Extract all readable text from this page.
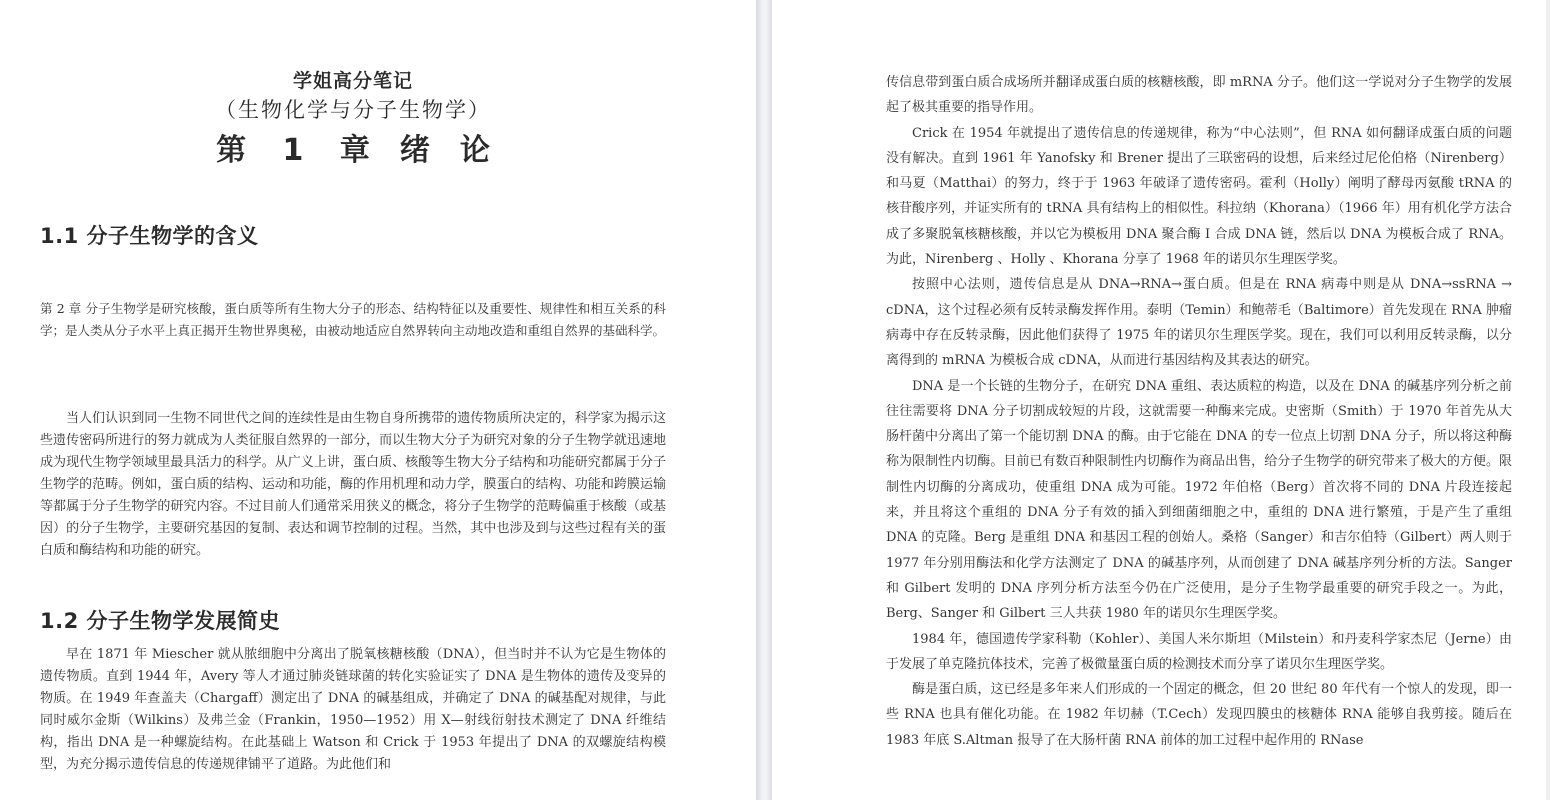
学姐高分笔记
（生物化学与分子生物学）
第 1 章　绪　论
1.1 分子生物学的含义

第 2 章 分子生物学是研究核酸，蛋白质等所有生物大分子的形态、结构特征以及重要性、规律性和相互关系的科学；是人类从分子水平上真正揭开生物世界奥秘，由被动地适应自然界转向主动地改造和重组自然界的基础科学。

当人们认识到同一生物不同世代之间的连续性是由生物自身所携带的遗传物质所决定的，科学家为揭示这些遗传密码所进行的努力就成为人类征服自然界的一部分，而以生物大分子为研究对象的分子生物学就迅速地成为现代生物学领域里最具活力的科学。从广义上讲，蛋白质、核酸等生物大分子结构和功能研究都属于分子生物学的范畴。例如，蛋白质的结构、运动和功能，酶的作用机理和动力学，膜蛋白的结构、功能和跨膜运输等都属于分子生物学的研究内容。不过目前人们通常采用狭义的概念，将分子生物学的范畴偏重于核酸（或基因）的分子生物学，主要研究基因的复制、表达和调节控制的过程。当然，其中也涉及到与这些过程有关的蛋白质和酶结构和功能的研究。

1.2 分子生物学发展简史

早在 1871 年 Miescher 就从脓细胞中分离出了脱氧核糖核酸（DNA），但当时并不认为它是生物体的遗传物质。直到 1944 年，Avery 等人才通过肺炎链球菌的转化实验证实了 DNA 是生物体的遗传及变异的物质。在 1949 年查盖夫（Chargaff）测定出了 DNA 的碱基组成，并确定了 DNA 的碱基配对规律，与此同时威尔金斯（Wilkins）及弗兰金（Frankin，1950—1952）用 X—射线衍射技术测定了 DNA 纤维结构，指出 DNA 是一种螺旋结构。在此基础上 Watson 和 Crick 于 1953 年提出了 DNA 的双螺旋结构模型，为充分揭示遗传信息的传递规律铺平了道路。为此他们和

传信息带到蛋白质合成场所并翻译成蛋白质的核糖核酸，即 mRNA 分子。他们这一学说对分子生物学的发展起了极其重要的指导作用。

Crick 在 1954 年就提出了遗传信息的传递规律，称为“中心法则”，但 RNA 如何翻译成蛋白质的问题没有解决。直到 1961 年 Yanofsky 和 Brener 提出了三联密码的设想，后来经过尼伦伯格（Nirenberg）和马夏（Matthai）的努力，终于于 1963 年破译了遗传密码。霍利（Holly）阐明了酵母丙氨酸 tRNA 的核苷酸序列，并证实所有的 tRNA 具有结构上的相似性。科拉纳（Khorana）（1966 年）用有机化学方法合成了多聚脱氧核糖核酸，并以它为模板用 DNA 聚合酶 Ⅰ 合成 DNA 链，然后以 DNA 为模板合成了 RNA。为此，Nirenberg 、Holly 、Khorana 分享了 1968 年的诺贝尔生理医学奖。

按照中心法则，遗传信息是从 DNA→RNA→蛋白质。但是在 RNA 病毒中则是从 DNA→ssRNA → cDNA，这个过程必须有反转录酶发挥作用。泰明（Temin）和鲍蒂毛（Baltimore）首先发现在 RNA 肿瘤病毒中存在反转录酶，因此他们获得了 1975 年的诺贝尔生理医学奖。现在，我们可以利用反转录酶，以分离得到的 mRNA 为模板合成 cDNA，从而进行基因结构及其表达的研究。

DNA 是一个长链的生物分子，在研究 DNA 重组、表达质粒的构造，以及在 DNA 的碱基序列分析之前往往需要将 DNA 分子切割成较短的片段，这就需要一种酶来完成。史密斯（Smith）于 1970 年首先从大肠杆菌中分离出了第一个能切割 DNA 的酶。由于它能在 DNA 的专一位点上切割 DNA 分子，所以将这种酶称为限制性内切酶。目前已有数百种限制性内切酶作为商品出售，给分子生物学的研究带来了极大的方便。限制性内切酶的分离成功，使重组 DNA 成为可能。1972 年伯格（Berg）首次将不同的 DNA 片段连接起来，并且将这个重组的 DNA 分子有效的插入到细菌细胞之中，重组的 DNA 进行繁殖，于是产生了重组 DNA 的克隆。Berg 是重组 DNA 和基因工程的创始人。桑格（Sanger）和吉尔伯特（Gilbert）两人则于 1977 年分别用酶法和化学方法测定了 DNA 的碱基序列，从而创建了 DNA 碱基序列分析的方法。Sanger 和 Gilbert 发明的 DNA 序列分析方法至今仍在广泛使用，是分子生物学最重要的研究手段之一。为此，Berg、Sanger 和 Gilbert 三人共获 1980 年的诺贝尔生理医学奖。

1984 年，德国遗传学家科勒（Kohler）、美国人米尔斯坦（Milstein）和丹麦科学家杰尼（Jerne）由于发展了单克隆抗体技术，完善了极微量蛋白质的检测技术而分享了诺贝尔生理医学奖。

酶是蛋白质，这已经是多年来人们形成的一个固定的概念，但 20 世纪 80 年代有一个惊人的发现，即一些 RNA 也具有催化功能。在 1982 年切赫（T.Cech）发现四膜虫的核糖体 RNA 能够自我剪接。随后在 1983 年底 S.Altman 报导了在大肠杆菌 RNA 前体的加工过程中起作用的 RNase
